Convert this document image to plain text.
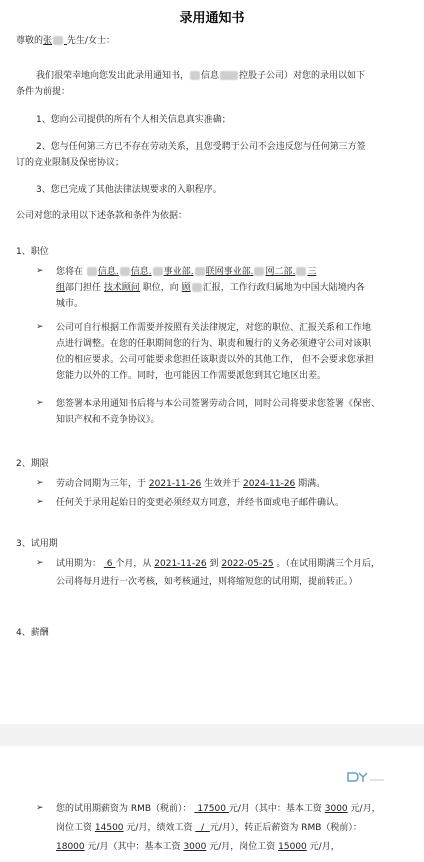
录用通知书
尊敬的张 先生/女士：
我们很荣幸地向您发出此录用通知书， 信息 控股子公司）对您的录用以如下
条件为前提：
1、您向公司提供的所有个人相关信息真实准确；
2、您与任何第三方已不存在劳动关系，且您受聘于公司不会违反您与任何第三方签
订的竞业限制及保密协议；
3、您已完成了其他法律法规要求的入职程序。
公司对您的录用以下述条款和条件为依据：
1、职位
➢	您将在 信息. 信息. 事业部. 联网事业部. 网二部. 三
组部门担任 技术顾问 职位，向 顾 汇报，工作行政归属地为中国大陆境内各
城市。
➢	公司可自行根据工作需要并按照有关法律规定，对您的职位、汇报关系和工作地
点进行调整。在您的任职期间您的行为、职责和履行的义务必须遵守公司对该职
位的相应要求。公司可能要求您担任该职责以外的其他工作， 但不会要求您承担
您能力以外的工作。同时，也可能因工作需要派您到其它地区出差。
➢	您签署本录用通知书后将与本公司签署劳动合同，同时公司将要求您签署《保密、
知识产权和不竞争协议》。
2、期限
➢	劳动合同期为三年，于 2021-11-26 生效并于 2024-11-26 期满。
➢	任何关于录用起始日的变更必须经双方同意，并经书面或电子邮件确认。
3、试用期
➢	试用期为： 6 个月，从 2021-11-26 到 2022-05-25 。（在试用期满三个月后，
公司将每月进行一次考核，如考核通过，则将缩短您的试用期，提前转正。）
4、薪酬
➢	您的试用期薪资为 RMB（税前）： 17500 元/月（其中：基本工资 3000 元/月，
岗位工资 14500 元/月，绩效工资 / 元/月），转正后薪资为 RMB（税前）：
18000 元/月（其中：基本工资 3000 元/月，岗位工资 15000 元/月，
